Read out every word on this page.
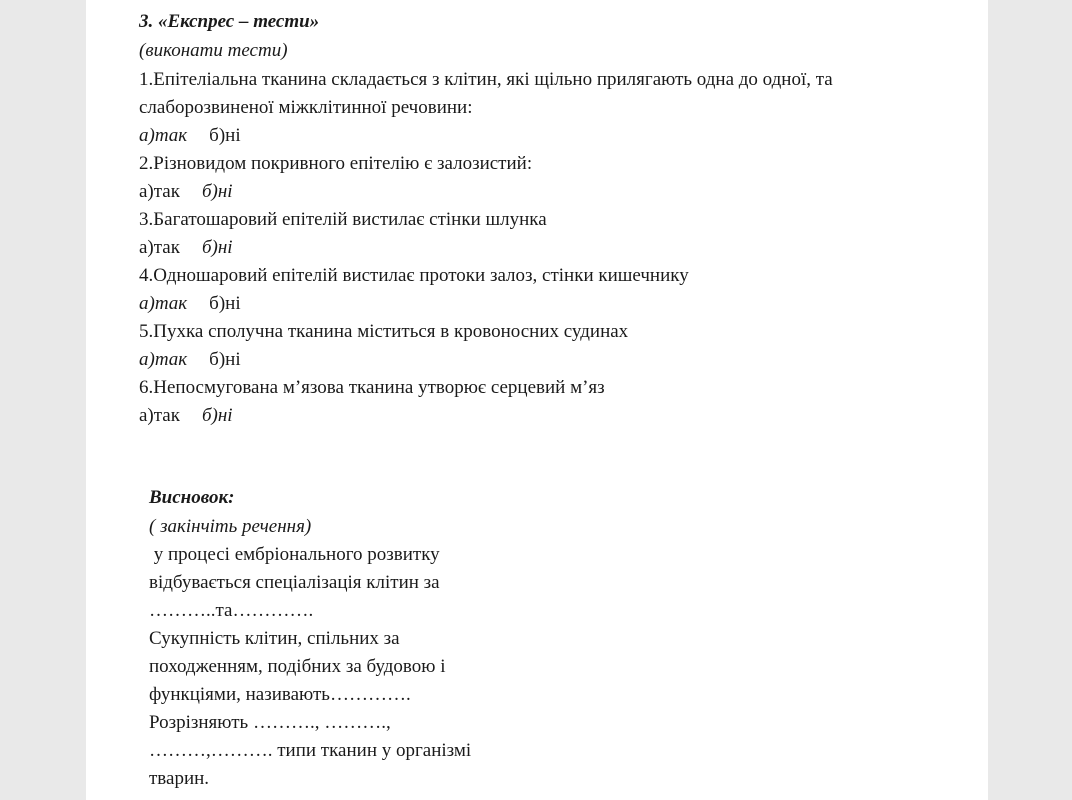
3. «Експрес – тести»
(виконати тести)
1.Епітеліальна тканина складається з клітин, які щільно прилягають одна до одної, та
слаборозвиненої міжклітинної речовини:
а)так б)ні
2.Різновидом покривного епітелію є залозистий:
а)так б)ні
3.Багатошаровий епітелій вистилає стінки шлунка
а)так б)ні
4.Одношаровий епітелій вистилає протоки залоз, стінки кишечнику
а)так б)ні
5.Пухка сполучна тканина міститься в кровоносних судинах
а)так б)ні
6.Непосмугована м’язова тканина утворює серцевий м’яз
а)так б)ні
Висновок:
( закінчіть речення)
у процесі ембріонального розвитку
відбувається спеціалізація клітин за
………..та………….
Сукупність клітин, спільних за
походженням, подібних за будовою і
функціями, називають………….
Розрізняють ………., ……….,
………,………. типи тканин у організмі
тварин.
